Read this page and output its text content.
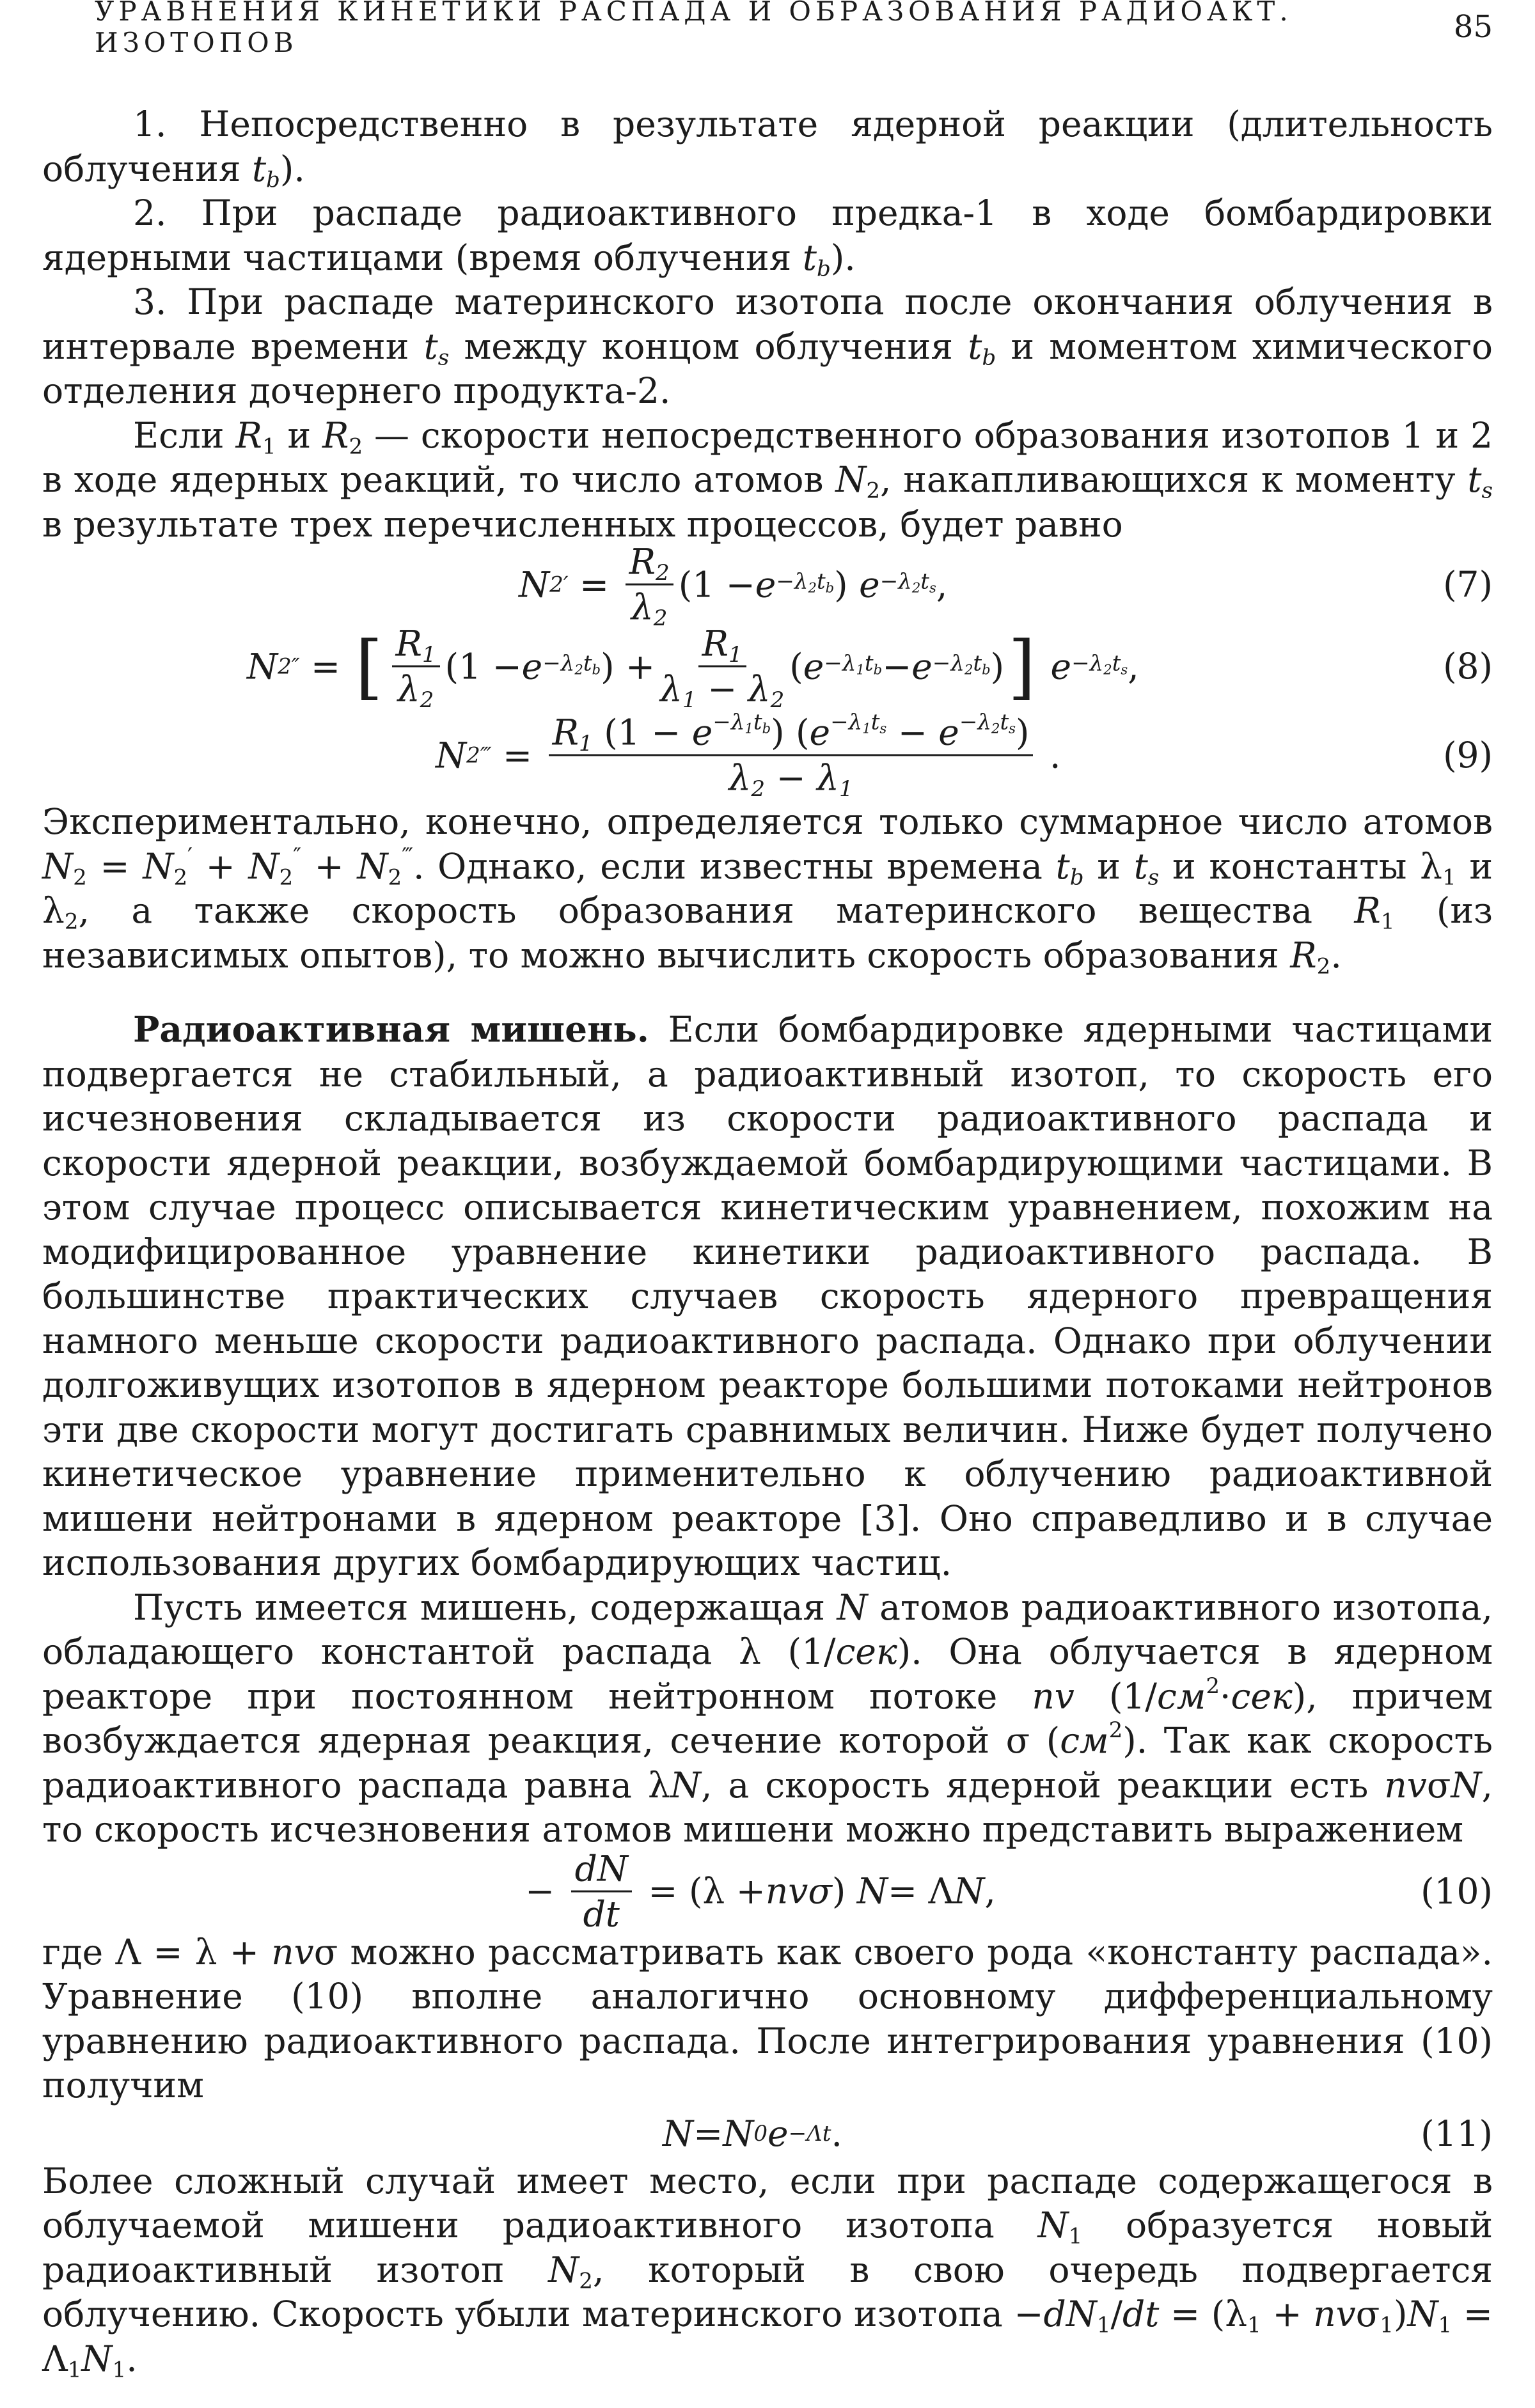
УРАВНЕНИЯ КИНЕТИКИ РАСПАДА И ОБРАЗОВАНИЯ РАДИОАКТ. ИЗОТОПОВ	85

1. Непосредственно в результате ядерной реакции (длительность облучения $t_b$).

2. При распаде радиоактивного предка-1 в ходе бомбардировки ядерными частицами (время облучения $t_b$).

3. При распаде материнского изотопа после окончания облучения в интервале времени $t_s$ между концом облучения $t_b$ и моментом химического отделения дочернего продукта-2.

Если $R_1$ и $R_2$ — скорости непосредственного образования изотопов 1 и 2 в ходе ядерных реакций, то число атомов $N_2$, накапливающихся к моменту $t_s$ в результате трех перечисленных процессов, будет равно

N 2 ′ = $\frac{R_2}{\lambda_2} (1 - e -\lambda_2t_b$ ) $e -\lambda_2t_s$ ,	(7)
N 2 ″ = [ $\frac{R_1}{\lambda_2} (1 - e -\lambda_2t_b$ ) + $\frac{R_1}{\lambda_1 - \lambda_2}$ ( $e -\lambda_1t_b - e -\lambda_2t_b$ ) ] $e -\lambda_2t_s$ ,	(8)
N 2 ‴ = $\frac{R_1 (1 - e^{-\lambda_1t_b}) (e^{-\lambda_1t_s} - e^{-\lambda_2t_s})}{\lambda_2 - \lambda_1}$ .	(9)

Экспериментально, конечно, определяется только суммарное число атомов $N_2 = N_2' + N_2'' + N_2^‴$. Однако, если известны времена $t_b$ и $t_s$ и константы $\lambda_1$ и $\lambda_2$, а также скорость образования материнского вещества $R_1$ (из независимых опытов), то можно вычислить скорость образования $R_2$.

Радиоактивная мишень. Если бомбардировке ядерными частицами подвергается не стабильный, а радиоактивный изотоп, то скорость его исчезновения складывается из скорости радиоактивного распада и скорости ядерной реакции, возбуждаемой бомбардирующими частицами. В этом случае процесс описывается кинетическим уравнением, похожим на модифицированное уравнение кинетики радиоактивного распада. В большинстве практических случаев скорость ядерного превращения намного меньше скорости радиоактивного распада. Однако при облучении долгоживущих изотопов в ядерном реакторе большими потоками нейтронов эти две скорости могут достигать сравнимых величин. Ниже будет получено кинетическое уравнение применительно к облучению радиоактивной мишени нейтронами в ядерном реакторе [3]. Оно справедливо и в случае использования других бомбардирующих частиц.

Пусть имеется мишень, содержащая N атомов радиоактивного изотопа, обладающего константой распада λ (1/сек). Она облучается в ядерном реакторе при постоянном нейтронном потоке nv $(1/см^2\cdot сек)$, причем возбуждается ядерная реакция, сечение которой σ $(см^2)$. Так как скорость радиоактивного распада равна λN, а скорость ядерной реакции есть nvσN, то скорость исчезновения атомов мишени можно представить выражением

− $\frac{dN}{dt} = (\lambda + nv\sigma$ ) N = Λ N ,	(10)

где Λ = λ + nvσ можно рассматривать как своего рода «константу распада». Уравнение (10) вполне аналогично основному дифференциальному уравнению радиоактивного распада. После интегрирования уравнения (10) получим

N = N 0 e −Λt .	(11)

Более сложный случай имеет место, если при распаде содержащегося в облучаемой мишени радиоактивного изотопа $N_1$ образуется новый радиоактивный изотоп $N_2$, который в свою очередь подвергается облучению. Скорость убыли материнского изотопа $-dN_1/dt = (\lambda_1 + nv\sigma_1)N_1 = \Lambda_1N_1$.
